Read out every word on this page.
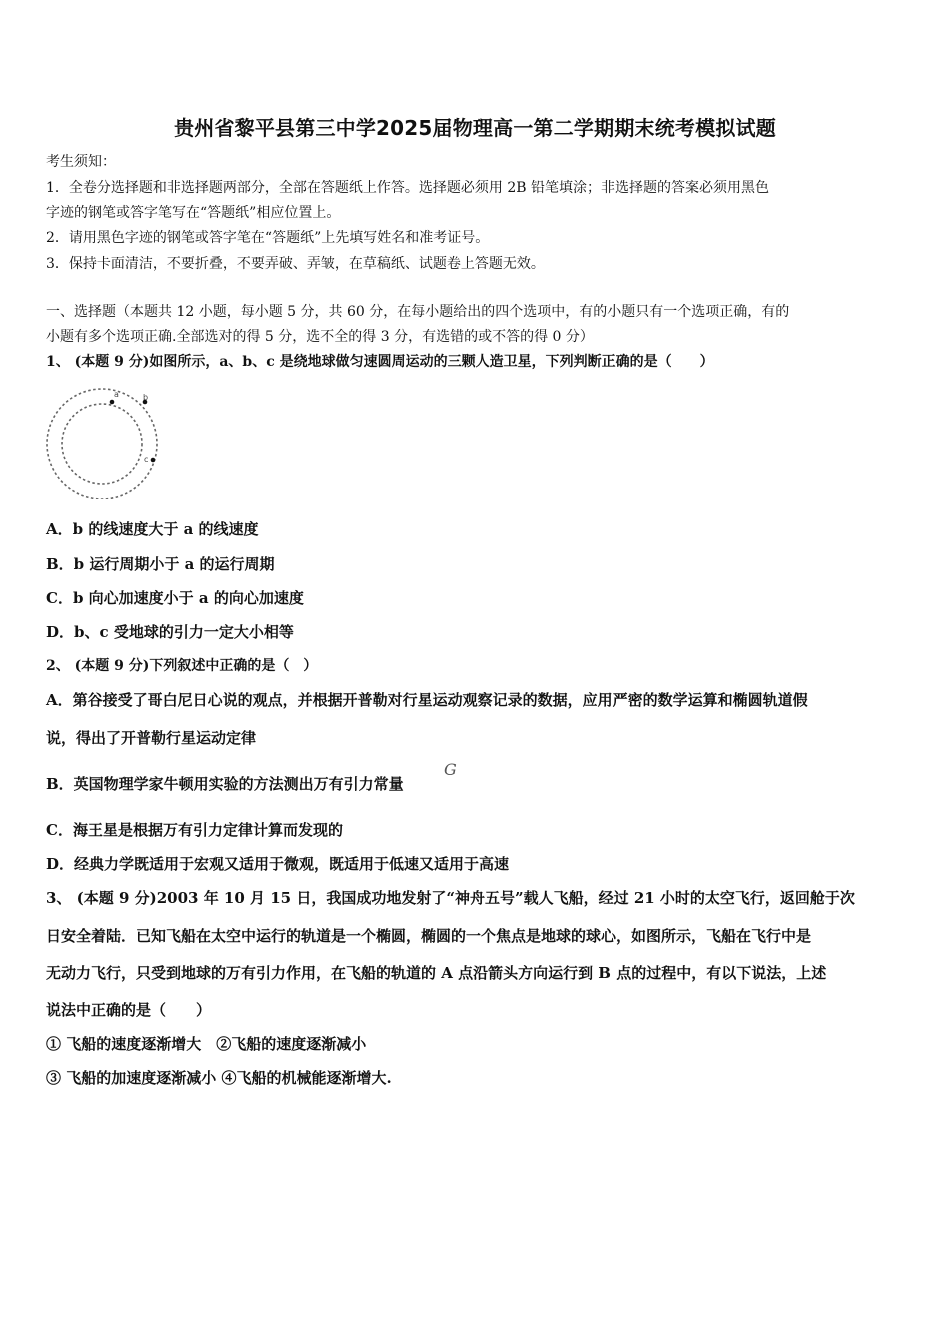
贵州省黎平县第三中学2025届物理高一第二学期期末统考模拟试题
考生须知：
1．全卷分选择题和非选择题两部分，全部在答题纸上作答。选择题必须用 2B 铅笔填涂；非选择题的答案必须用黑色
字迹的钢笔或答字笔写在“答题纸”相应位置上。
2．请用黑色字迹的钢笔或答字笔在“答题纸”上先填写姓名和准考证号。
3．保持卡面清洁，不要折叠，不要弄破、弄皱，在草稿纸、试题卷上答题无效。
一、选择题（本题共 12 小题，每小题 5 分，共 60 分，在每小题给出的四个选项中，有的小题只有一个选项正确，有的
小题有多个选项正确.全部选对的得 5 分，选不全的得 3 分，有选错的或不答的得 0 分）
1、 (本题 9 分)如图所示，a、b、c 是绕地球做匀速圆周运动的三颗人造卫星，下列判断正确的是（　　）
a	b
c
A．b 的线速度大于 a 的线速度
B．b 运行周期小于 a 的运行周期
C．b 向心加速度小于 a 的向心加速度
D．b、c 受地球的引力一定大小相等
2、 (本题 9 分)下列叙述中正确的是（　）
A．第谷接受了哥白尼日心说的观点，并根据开普勒对行星运动观察记录的数据，应用严密的数学运算和椭圆轨道假
说，得出了开普勒行星运动定律
B．英国物理学家牛顿用实验的方法测出万有引力常量
G
C．海王星是根据万有引力定律计算而发现的
D．经典力学既适用于宏观又适用于微观，既适用于低速又适用于高速
3、 (本题 9 分)2003 年 10 月 15 日，我国成功地发射了“神舟五号”载人飞船，经过 21 小时的太空飞行，返回舱于次
日安全着陆．已知飞船在太空中运行的轨道是一个椭圆，椭圆的一个焦点是地球的球心，如图所示，飞船在飞行中是
无动力飞行，只受到地球的万有引力作用，在飞船的轨道的 A 点沿箭头方向运行到 B 点的过程中，有以下说法，上述
说法中正确的是（　　）
① 飞船的速度逐渐增大　②飞船的速度逐渐减小
③ 飞船的加速度逐渐减小 ④飞船的机械能逐渐增大.
